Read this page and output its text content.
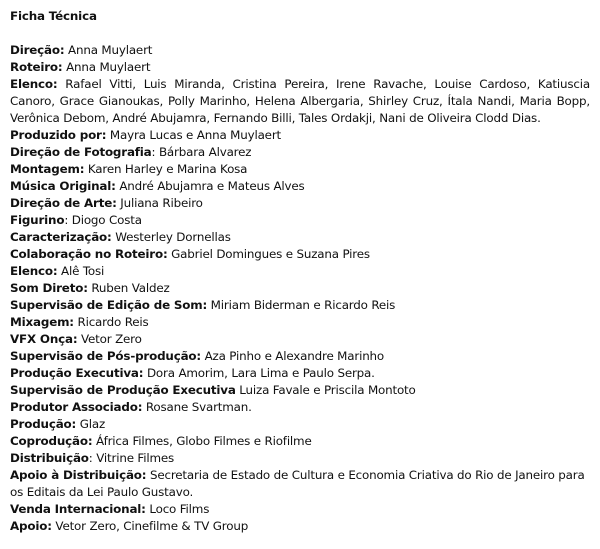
Ficha Técnica

Direção: Anna Muylaert

Roteiro: Anna Muylaert

Elenco: Rafael Vitti, Luis Miranda, Cristina Pereira, Irene Ravache, Louise Cardoso, Katiuscia Canoro, Grace Gianoukas, Polly Marinho, Helena Albergaria, Shirley Cruz, Ítala Nandi, Maria Bopp, Verônica Debom, André Abujamra, Fernando Billi, Tales Ordakji, Nani de Oliveira Clodd Dias.

Produzido por: Mayra Lucas e Anna Muylaert

Direção de Fotografia: Bárbara Alvarez

Montagem: Karen Harley e Marina Kosa

Música Original: André Abujamra e Mateus Alves

Direção de Arte: Juliana Ribeiro

Figurino: Diogo Costa

Caracterização: Westerley Dornellas

Colaboração no Roteiro: Gabriel Domingues e Suzana Pires

Elenco: Alê Tosi

Som Direto: Ruben Valdez

Supervisão de Edição de Som: Miriam Biderman e Ricardo Reis

Mixagem: Ricardo Reis

VFX Onça: Vetor Zero

Supervisão de Pós-produção: Aza Pinho e Alexandre Marinho

Produção Executiva: Dora Amorim, Lara Lima e Paulo Serpa.

Supervisão de Produção Executiva Luiza Favale e Priscila Montoto

Produtor Associado: Rosane Svartman.

Produção: Glaz

Coprodução: África Filmes, Globo Filmes e Riofilme

Distribuição: Vitrine Filmes

Apoio à Distribuição: Secretaria de Estado de Cultura e Economia Criativa do Rio de Janeiro para os Editais da Lei Paulo Gustavo.

Venda Internacional: Loco Films

Apoio: Vetor Zero, Cinefilme & TV Group
